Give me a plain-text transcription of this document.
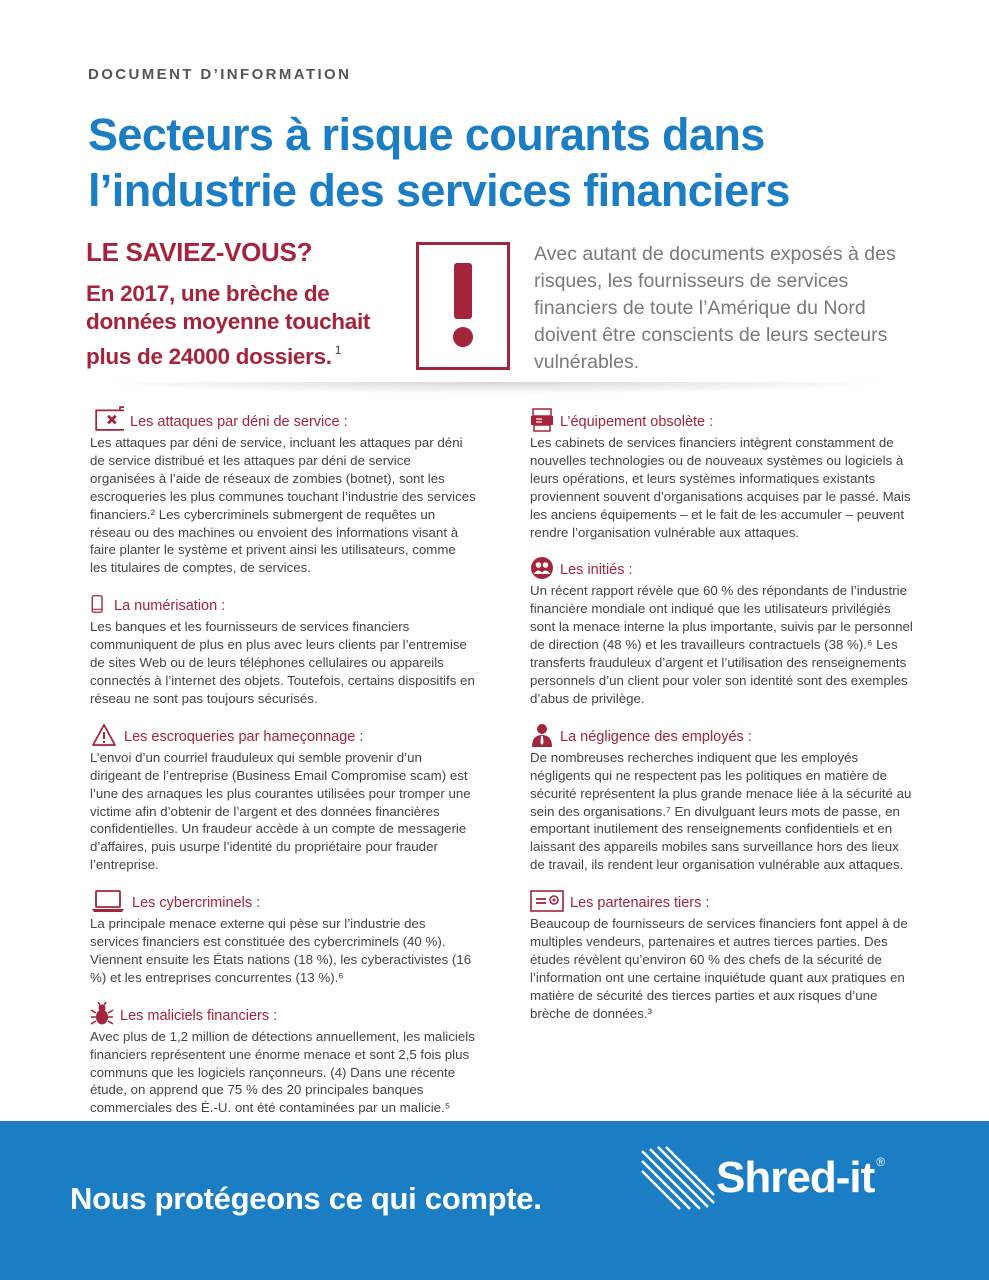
DOCUMENT D’INFORMATION
Secteurs à risque courants dans
l’industrie des services financiers
LE SAVIEZ-VOUS?
En 2017, une brèche de
données moyenne touchait
plus de 24000 dossiers. $^1$
Avec autant de documents exposés à des risques, les fournisseurs de services financiers de toute l’Amérique du Nord doivent être conscients de leurs secteurs vulnérables.
Les attaques par déni de service :
Les attaques par déni de service, incluant les attaques par déni de service distribué et les attaques par déni de service organisées à l’aide de réseaux de zombies (botnet), sont les escroqueries les plus communes touchant l’industrie des services financiers.² Les cybercriminels submergent de requêtes un réseau ou des machines ou envoient des informations visant à faire planter le système et privent ainsi les utilisateurs, comme les titulaires de comptes, de services.
La numérisation :
Les banques et les fournisseurs de services financiers communiquent de plus en plus avec leurs clients par l’entremise de sites Web ou de leurs téléphones cellulaires ou appareils connectés à l’internet des objets. Toutefois, certains dispositifs en réseau ne sont pas toujours sécurisés.
Les escroqueries par hameçonnage :
L’envoi d’un courriel frauduleux qui semble provenir d’un dirigeant de l’entreprise (Business Email Compromise scam) est l’une des arnaques les plus courantes utilisées pour tromper une victime afin d’obtenir de l’argent et des données financières confidentielles. Un fraudeur accède à un compte de messagerie d’affaires, puis usurpe l’identité du propriétaire pour frauder l’entreprise.
Les cybercriminels :
La principale menace externe qui pèse sur l’industrie des services financiers est constituée des cybercriminels (40 %). Viennent ensuite les États nations (18 %), les cyberactivistes (16 %) et les entreprises concurrentes (13 %).⁶
Les maliciels financiers :
Avec plus de 1,2 million de détections annuellement, les maliciels financiers représentent une énorme menace et sont 2,5 fois plus communs que les logiciels rançonneurs. (4) Dans une récente étude, on apprend que 75 % des 20 principales banques commerciales des É.-U. ont été contaminées par un malicie.⁵
L’équipement obsolète :
Les cabinets de services financiers intègrent constamment de nouvelles technologies ou de nouveaux systèmes ou logiciels à leurs opérations, et leurs systèmes informatiques existants proviennent souvent d’organisations acquises par le passé. Mais les anciens équipements – et le fait de les accumuler – peuvent rendre l’organisation vulnérable aux attaques.
Les initiés :
Un récent rapport révèle que 60 % des répondants de l’industrie financière mondiale ont indiqué que les utilisateurs privilégiés sont la menace interne la plus importante, suivis par le personnel de direction (48 %) et les travailleurs contractuels (38 %).⁶ Les transferts frauduleux d’argent et l’utilisation des renseignements personnels d’un client pour voler son identité sont des exemples d’abus de privilège.
La négligence des employés :
De nombreuses recherches indiquent que les employés négligents qui ne respectent pas les politiques en matière de sécurité représentent la plus grande menace liée à la sécurité au sein des organisations.⁷ En divulguant leurs mots de passe, en emportant inutilement des renseignements confidentiels et en laissant des appareils mobiles sans surveillance hors des lieux de travail, ils rendent leur organisation vulnérable aux attaques.
Les partenaires tiers :
Beaucoup de fournisseurs de services financiers font appel à de multiples vendeurs, partenaires et autres tierces parties. Des études révèlent qu’environ 60 % des chefs de la sécurité de l’information ont une certaine inquiétude quant aux pratiques en matière de sécurité des tierces parties et aux risques d’une brèche de données.³
Nous protégeons ce qui compte.	Shred-it ®
